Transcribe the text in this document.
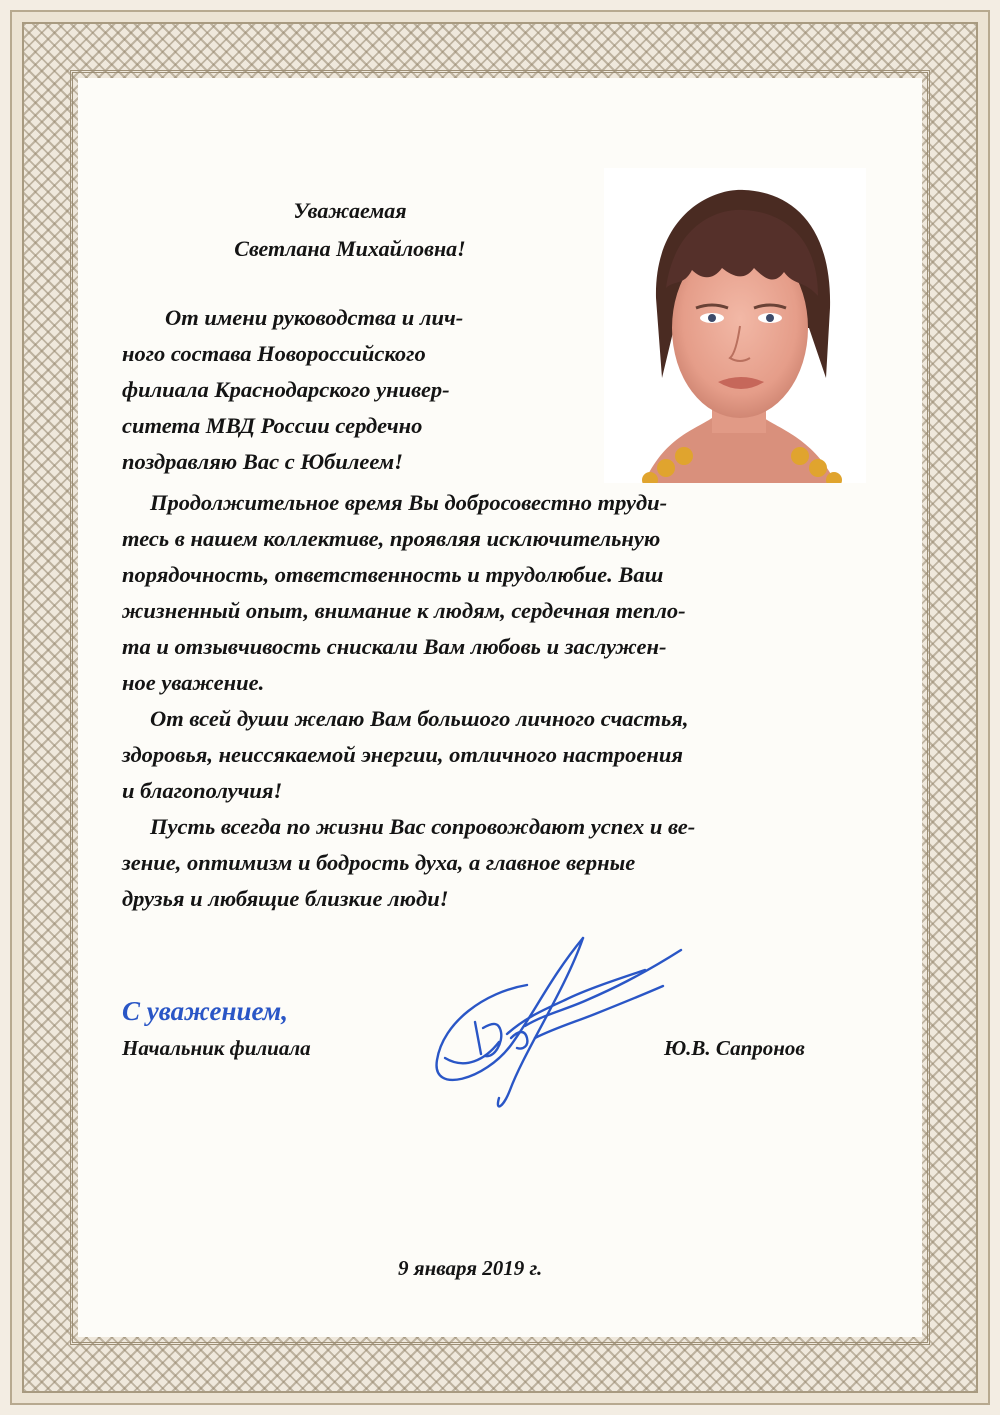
Уважаемая

Светлана Михайловна!

От имени руководства и лич-

ного состава Новороссийского

филиала Краснодарского универ-

ситета МВД России сердечно

поздравляю Вас с Юбилеем!

Продолжительное время Вы добросовестно труди-

тесь в нашем коллективе, проявляя исключительную

порядочность, ответственность и трудолюбие. Ваш

жизненный опыт, внимание к людям, сердечная тепло-

та и отзывчивость снискали Вам любовь и заслужен-

ное уважение.

От всей души желаю Вам большого личного счастья,

здоровья, неиссякаемой энергии, отличного настроения

и благополучия!

Пусть всегда по жизни Вас сопровождают успех и ве-

зение, оптимизм и бодрость духа, а главное верные

друзья и любящие близкие люди!

С уважением,

Начальник филиала	Ю.В. Сапронов

9 января 2019 г.
